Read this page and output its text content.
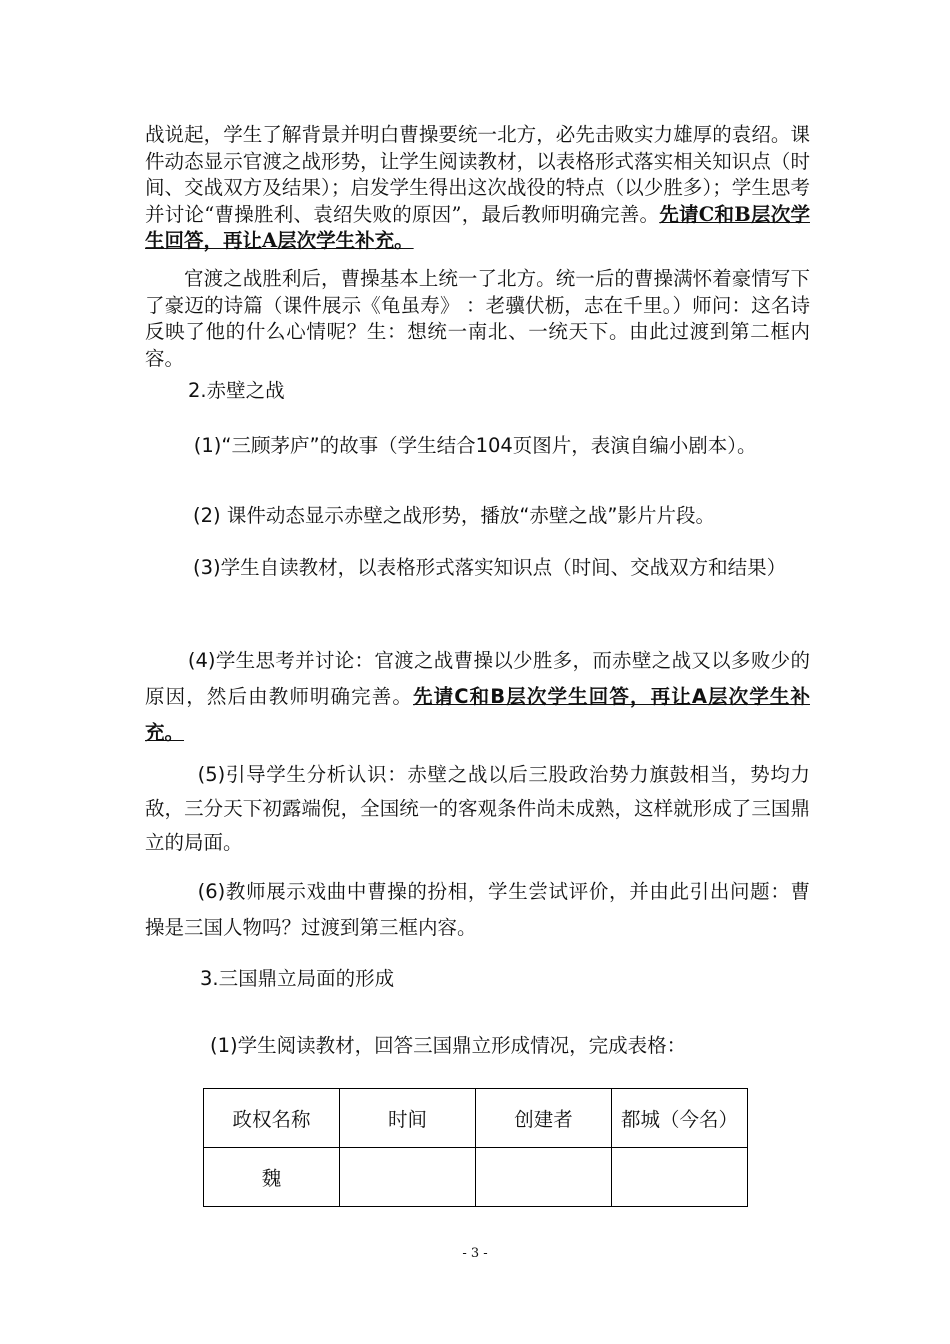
战说起，学生了解背景并明白曹操要统一北方，必先击败实力雄厚的袁绍。课件动态显示官渡之战形势，让学生阅读教材，以表格形式落实相关知识点（时间、交战双方及结果）；启发学生得出这次战役的特点（以少胜多）；学生思考并讨论“曹操胜利、袁绍失败的原因”，最后教师明确完善。先请C和B层次学生回答，再让A层次学生补充。

官渡之战胜利后，曹操基本上统一了北方。统一后的曹操满怀着豪情写下了豪迈的诗篇（课件展示《龟虽寿》 ：老骥伏枥，志在千里。）师问：这名诗反映了他的什么心情呢？生：想统一南北、一统天下。由此过渡到第二框内容。

2.赤壁之战

(1)“三顾茅庐”的故事（学生结合104页图片，表演自编小剧本）。

(2) 课件动态显示赤壁之战形势，播放“赤壁之战”影片片段。

(3)学生自读教材，以表格形式落实知识点（时间、交战双方和结果）

(4)学生思考并讨论：官渡之战曹操以少胜多，而赤壁之战又以多败少的原因，然后由教师明确完善。先请C和B层次学生回答，再让A层次学生补充。

(5)引导学生分析认识：赤壁之战以后三股政治势力旗鼓相当，势均力敌，三分天下初露端倪，全国统一的客观条件尚未成熟，这样就形成了三国鼎立的局面。

(6)教师展示戏曲中曹操的扮相，学生尝试评价，并由此引出问题：曹操是三国人物吗？过渡到第三框内容。

3.三国鼎立局面的形成

(1)学生阅读教材，回答三国鼎立形成情况，完成表格：

政权名称	时间	创建者	都城（今名）
魏			
- 3 -
